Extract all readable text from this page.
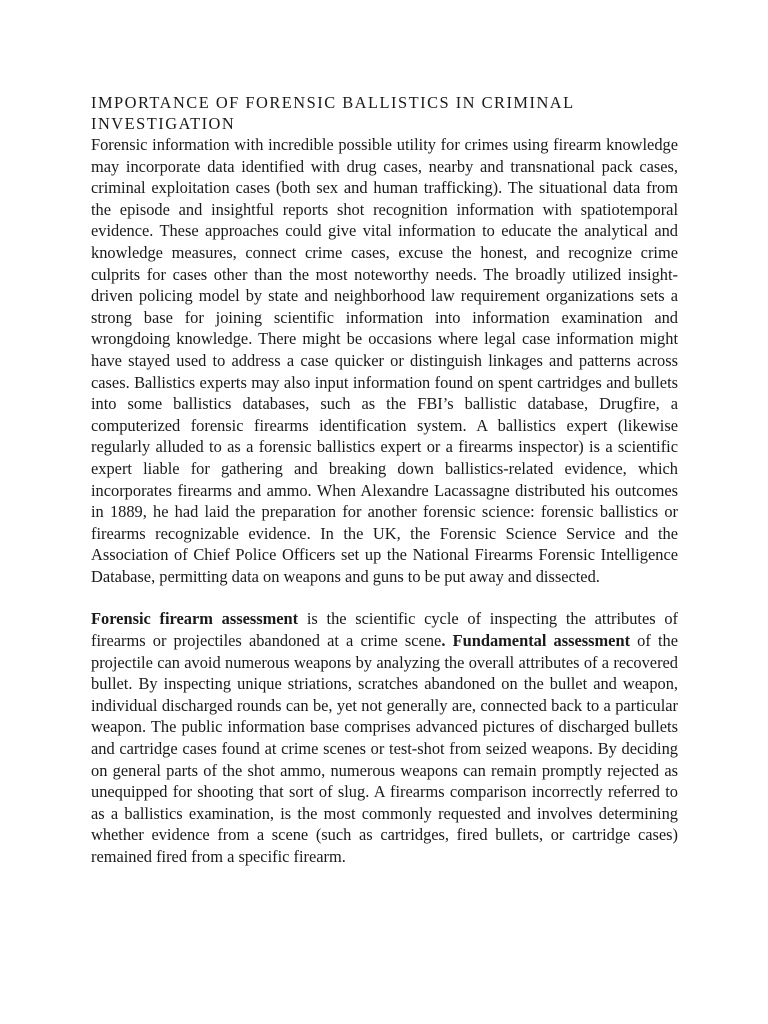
IMPORTANCE OF FORENSIC BALLISTICS IN CRIMINAL INVESTIGATION

Forensic information with incredible possible utility for crimes using firearm knowledge may incorporate data identified with drug cases, nearby and transnational pack cases, criminal exploitation cases (both sex and human trafficking). The situational data from the episode and insightful reports shot recognition information with spatiotemporal evidence. These approaches could give vital information to educate the analytical and knowledge measures, connect crime cases, excuse the honest, and recognize crime culprits for cases other than the most noteworthy needs. The broadly utilized insight-driven policing model by state and neighborhood law requirement organizations sets a strong base for joining scientific information into information examination and wrongdoing knowledge. There might be occasions where legal case information might have stayed used to address a case quicker or distinguish linkages and patterns across cases. Ballistics experts may also input information found on spent cartridges and bullets into some ballistics databases, such as the FBI’s ballistic database, Drugfire, a computerized forensic firearms identification system. A ballistics expert (likewise regularly alluded to as a forensic ballistics expert or a firearms inspector) is a scientific expert liable for gathering and breaking down ballistics-related evidence, which incorporates firearms and ammo. When Alexandre Lacassagne distributed his outcomes in 1889, he had laid the preparation for another forensic science: forensic ballistics or firearms recognizable evidence. In the UK, the Forensic Science Service and the Association of Chief Police Officers set up the National Firearms Forensic Intelligence Database, permitting data on weapons and guns to be put away and dissected.

Forensic firearm assessment is the scientific cycle of inspecting the attributes of firearms or projectiles abandoned at a crime scene. Fundamental assessment of the projectile can avoid numerous weapons by analyzing the overall attributes of a recovered bullet. By inspecting unique striations, scratches abandoned on the bullet and weapon, individual discharged rounds can be, yet not generally are, connected back to a particular weapon. The public information base comprises advanced pictures of discharged bullets and cartridge cases found at crime scenes or test-shot from seized weapons. By deciding on general parts of the shot ammo, numerous weapons can remain promptly rejected as unequipped for shooting that sort of slug. A firearms comparison incorrectly referred to as a ballistics examination, is the most commonly requested and involves determining whether evidence from a scene (such as cartridges, fired bullets, or cartridge cases) remained fired from a specific firearm.
